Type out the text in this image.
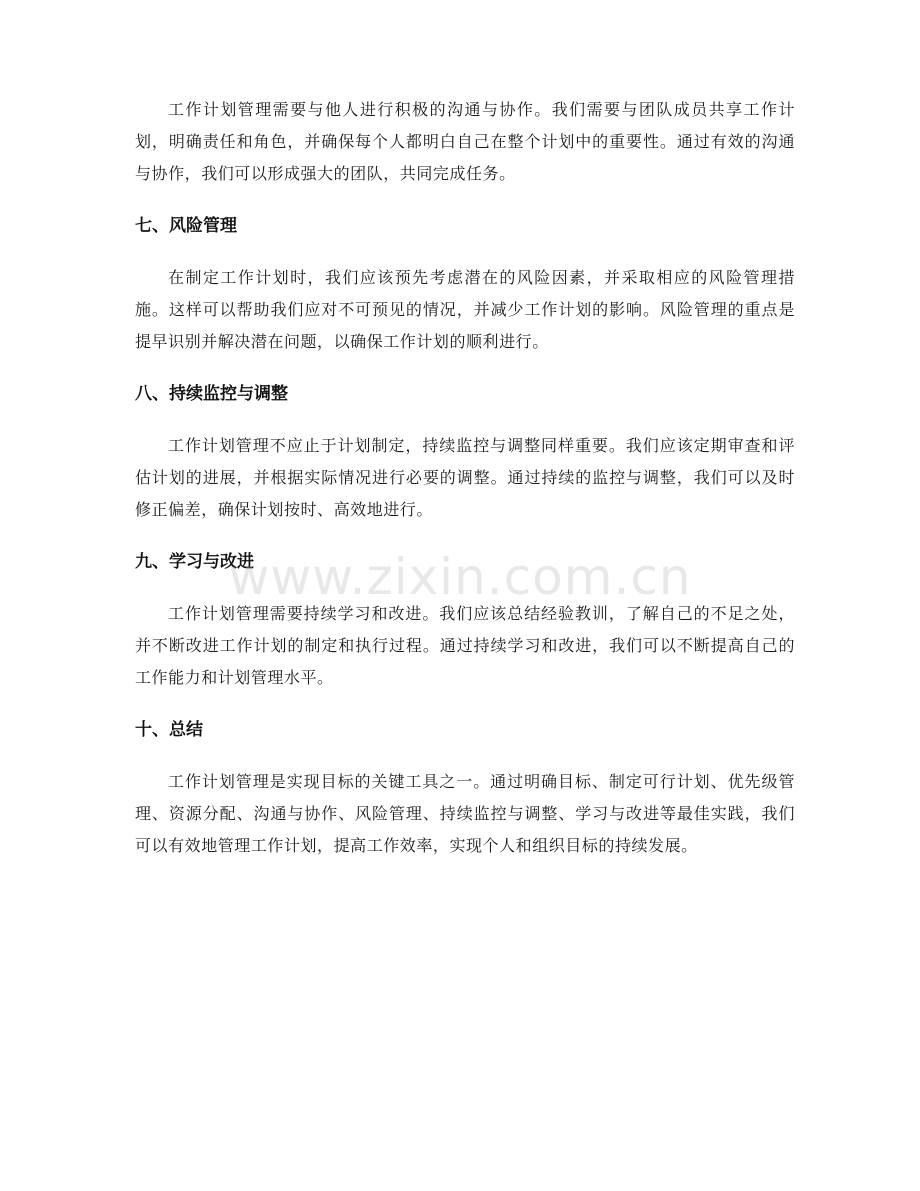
工作计划管理需要与他人进行积极的沟通与协作。我们需要与团队成员共享工作计划，明确责任和角色，并确保每个人都明白自己在整个计划中的重要性。通过有效的沟通与协作，我们可以形成强大的团队，共同完成任务。

七、风险管理

在制定工作计划时，我们应该预先考虑潜在的风险因素，并采取相应的风险管理措施。这样可以帮助我们应对不可预见的情况，并减少工作计划的影响。风险管理的重点是提早识别并解决潜在问题，以确保工作计划的顺利进行。

八、持续监控与调整

工作计划管理不应止于计划制定，持续监控与调整同样重要。我们应该定期审查和评估计划的进展，并根据实际情况进行必要的调整。通过持续的监控与调整，我们可以及时修正偏差，确保计划按时、高效地进行。

九、学习与改进

工作计划管理需要持续学习和改进。我们应该总结经验教训，了解自己的不足之处，并不断改进工作计划的制定和执行过程。通过持续学习和改进，我们可以不断提高自己的工作能力和计划管理水平。

十、总结

工作计划管理是实现目标的关键工具之一。通过明确目标、制定可行计划、优先级管理、资源分配、沟通与协作、风险管理、持续监控与调整、学习与改进等最佳实践，我们可以有效地管理工作计划，提高工作效率，实现个人和组织目标的持续发展。

www.zixin.com.cn
